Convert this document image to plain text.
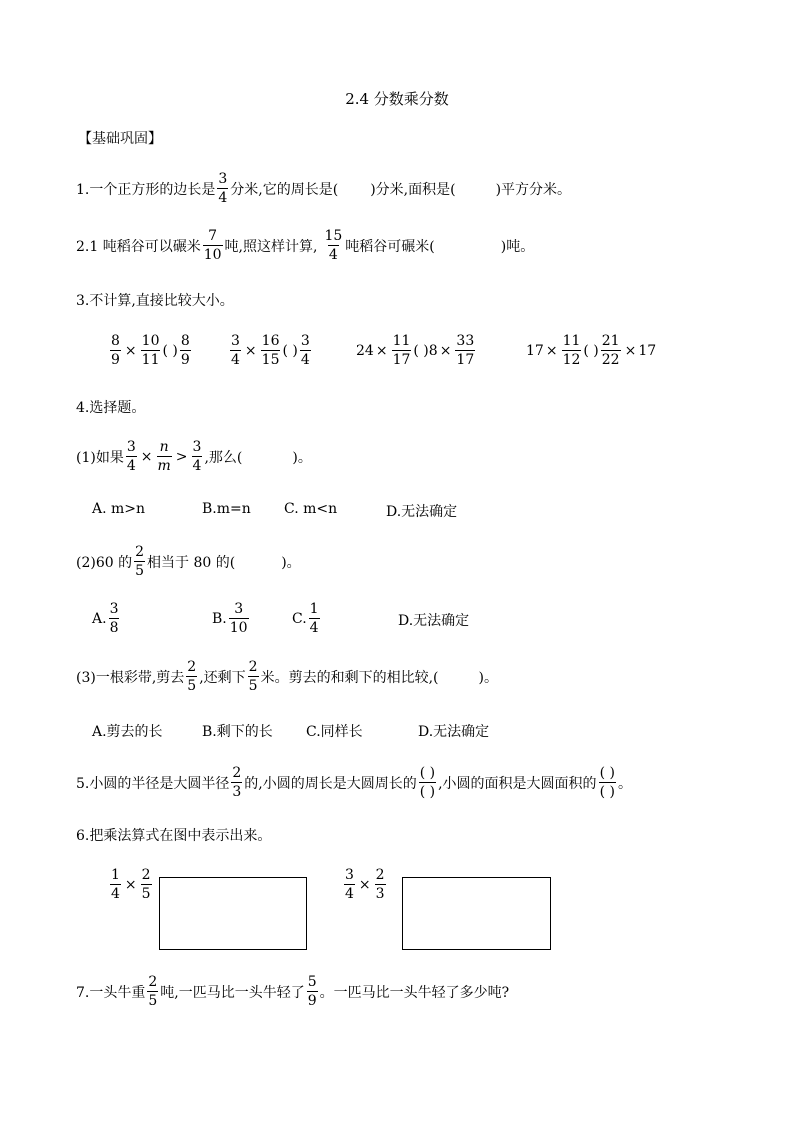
2.4 分数乘分数
【基础巩固】
1.一个正方形的边长是 $\frac{3}{4}$ 分米,它的周长是( )分米,面积是(	)平方分米。
2.1 吨稻谷可以碾米 $\frac{7}{10}$ 吨,照这样计算, $\frac{15}{4}$ 吨稻谷可碾米(	)吨。
3.不计算,直接比较大小。
$\frac{8}{9} \times \frac{10}{11}$ ( ) $\frac{8}{9}$	$\frac{3}{4} \times \frac{16}{15}$ ( ) $\frac{3}{4}$	$24 \times \frac{11}{17}$ ( ) $8 \times \frac{33}{17}$	$17 \times \frac{11}{12}$ ( ) $\frac{21}{22} \times 17$
4.选择题。
(1)如果 $\frac{3}{4} \times \frac{n}{m} > \frac{3}{4}$ ,那么(	)。
A. m>n	B.m=n C. m<n	D.无法确定
(2)60 的 $\frac{2}{5}$ 相当于 80 的(	)。
A. $\frac{3}{8}$	B. $\frac{3}{10}$	C. $\frac{1}{4}$	D.无法确定
(3)一根彩带,剪去 $\frac{2}{5}$ ,还剩下 $\frac{2}{5}$ 米。剪去的和剩下的相比较,(	)。
A.剪去的长	B.剩下的长 C.同样长	D.无法确定
5.小圆的半径是大圆半径 $\frac{2}{3}$ 的,小圆的周长是大圆周长的 $\frac{( )}{( )}$ ,小圆的面积是大圆面积的 $\frac{( )}{( )}$ 。
6.把乘法算式在图中表示出来。
$\frac{1}{4} \times \frac{2}{5}$	$\frac{3}{4} \times \frac{2}{3}$
7.一头牛重 $\frac{2}{5}$ 吨,一匹马比一头牛轻了 $\frac{5}{9}$ 。一匹马比一头牛轻了多少吨?
